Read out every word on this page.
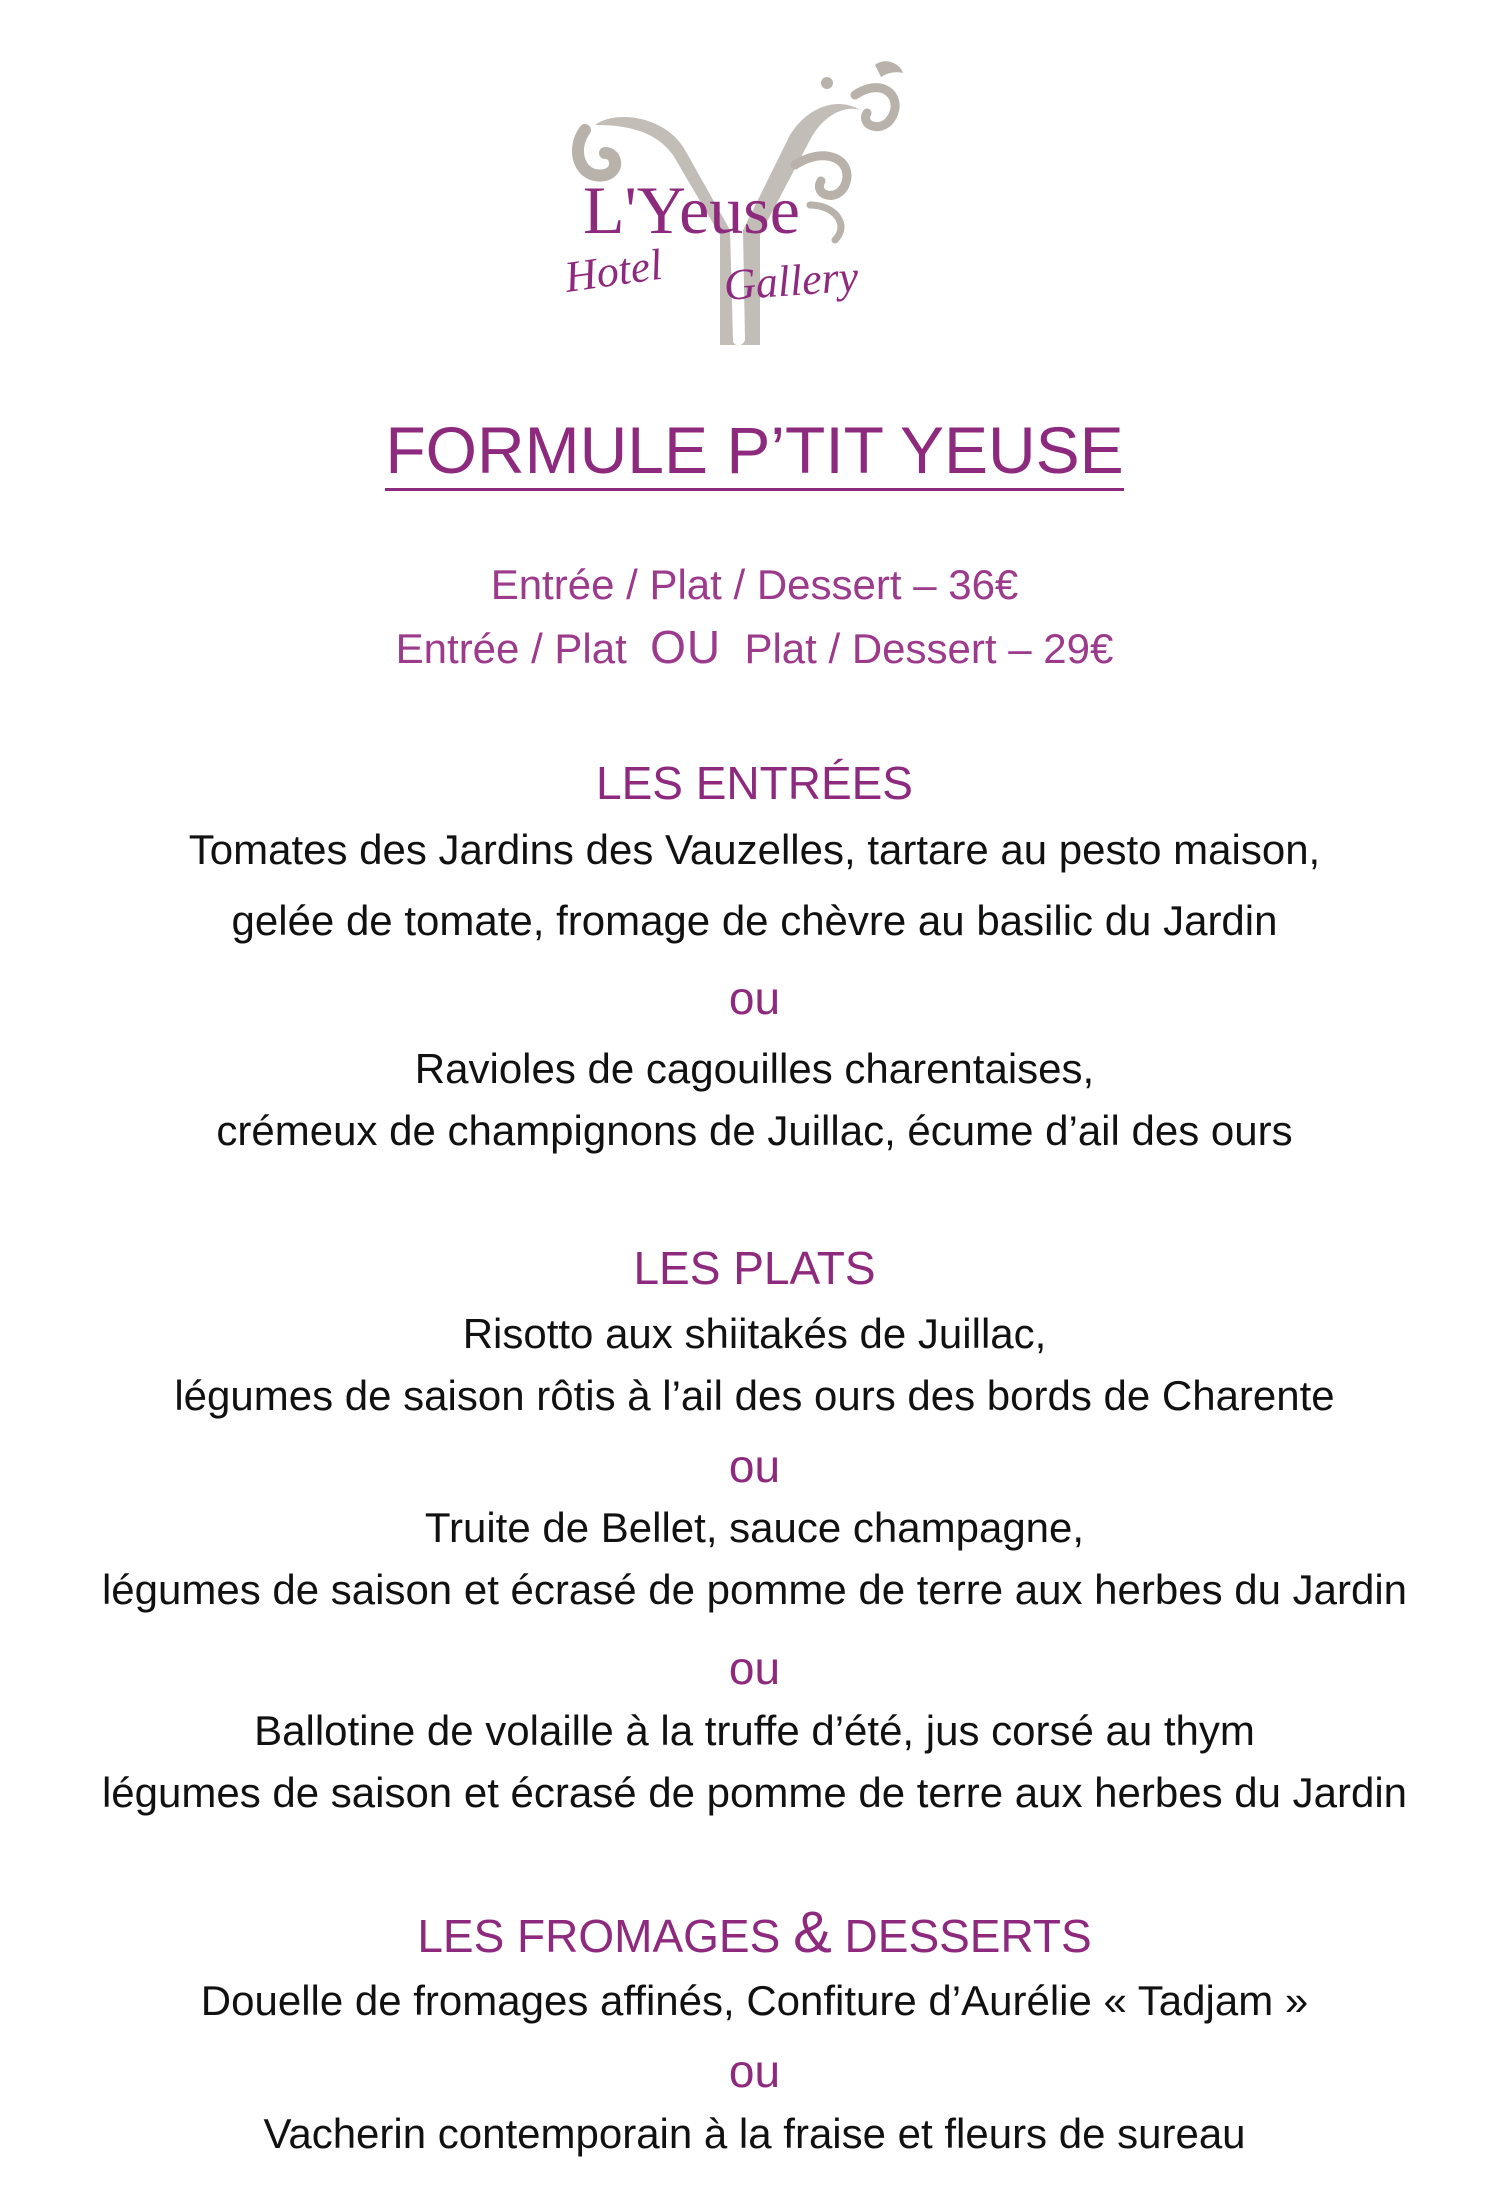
L'Yeuse
Hotel Gallery
FORMULE P’TIT YEUSE
Entrée / Plat / Dessert – 36€
Entrée / Plat  OU  Plat / Dessert – 29€
LES ENTRÉES
Tomates des Jardins des Vauzelles, tartare au pesto maison,
gelée de tomate, fromage de chèvre au basilic du Jardin
ou
Ravioles de cagouilles charentaises,
crémeux de champignons de Juillac, écume d’ail des ours
LES PLATS
Risotto aux shiitakés de Juillac,
légumes de saison rôtis à l’ail des ours des bords de Charente
ou
Truite de Bellet, sauce champagne,
légumes de saison et écrasé de pomme de terre aux herbes du Jardin
ou
Ballotine de volaille à la truffe d’été, jus corsé au thym
légumes de saison et écrasé de pomme de terre aux herbes du Jardin
LES FROMAGES & DESSERTS
Douelle de fromages affinés, Confiture d’Aurélie « Tadjam »
ou
Vacherin contemporain à la fraise et fleurs de sureau
